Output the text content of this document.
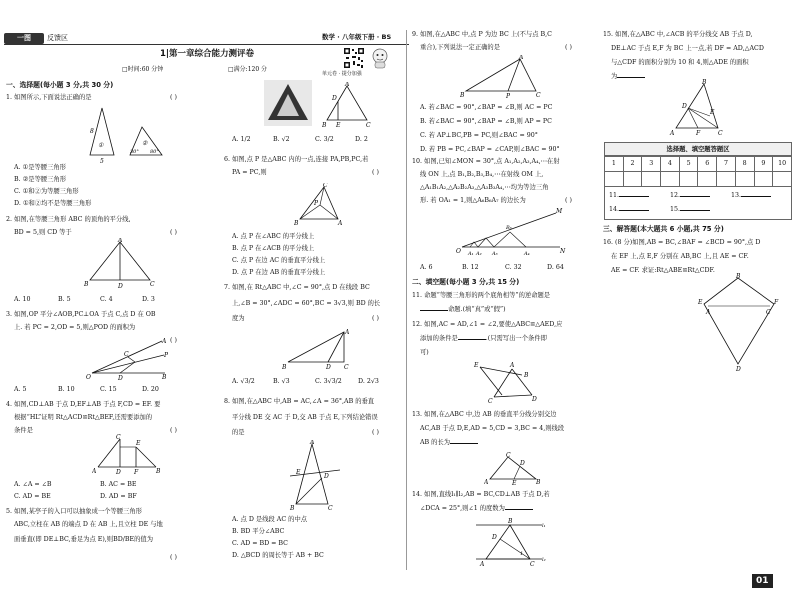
一图	反馈区	数学 · 八年级下册 · BS
1|第一章综合能力测评卷
□时间:60 分钟	□满分:120 分
单元卷 · 提分加强
一、选择题(每小题 3 分,共 30 分)
1. 如图所示,下面说法正确的是	( )
8
5
①	②
30° 80°
A. ①是等腰三角形
B. ②是等腰三角形
C. ①和②为等腰三角形
D. ①和②均不是等腰三角形
2. 如图,在等腰三角形 ABC 的顶角的平分线,
BD = 5,则 CD 等于	( )
A
B	D	C
A. 10	B. 5	C. 4	D. 3
3. 如图,OP 平分∠AOB,PC⊥OA 于点 C,点 D 在 OB
上. 若 PC = 2,OD = 5,则△POD 的面积为
( )
O
A
P
C
D	B
A. 5	B. 10	C. 15	D. 20
4. 如图,CD⊥AB 于点 D,EF⊥AB 于点 F,CD = EF. 要
根据“HL”证明 Rt△ACD≌Rt△BEF,还需要添加的
条件是	( )
A
C
D F
E
B
A. ∠A = ∠B	B. AC = BE
C. AD = BE	D. AD = BF
5. 如图,某亭子的入口可以抽象成一个等腰三角形
ABC,立柱在 AB 的端点 D 在 AB 上,且立柱 DE 与地
面垂直(即 DE⊥BC,垂足为点 E),则BD/BE的值为
( )
A
D
B E	C
A. 1/2	B. √2	C. 3/2	D. 2
6. 如图,点 P 是△ABC 内的一点,连接 PA,PB,PC,若
PA = PC,则	( )
C
P
B	A
A. 点 P 在∠ABC 的平分线上
B. 点 P 在∠ACB 的平分线上
C. 点 P 在边 AC 的垂直平分线上
D. 点 P 在边 AB 的垂直平分线上
7. 如图,在 Rt△ABC 中,∠C = 90°,点 D 在线段 BC
上,∠B = 30°,∠ADC = 60°,BC = 3√3,则 BD 的长
度为	( )
A
B	D C
A. √3/2	B. √3	C. 3√3/2	D. 2√3
8. 如图,在△ABC 中,AB = AC,∠A = 36°,AB 的垂直
平分线 DE 交 AC 于 D,交 AB 于点 E,下列结论错误
的是	( )
A
E
D
B	C
A. 点 D 是线段 AC 的中点
B. BD 平分∠ABC
C. AD = BD = BC
D. △BCD 的周长等于 AB + BC
9. 如图,在△ABC 中,点 P 为边 BC 上(不与点 B,C
重合),下列说法一定正确的是	( )
A
B	P	C
A. 若∠BAC = 90°,∠BAP = ∠B,则 AC = PC
B. 若∠BAC = 90°,∠BAP = ∠B,则 AP = PC
C. 若 AP⊥BC,PB = PC,则∠BAC = 90°
D. 若 PB = PC,∠BAP = ∠CAP,则∠BAC = 90°
10. 如图,已知∠MON = 30°,点 A₁,A₂,A₃,A₄,⋯在射
线 ON 上,点 B₁,B₂,B₃,B₄,⋯在射线 OM 上,
△A₁B₁A₂,△A₂B₂A₃,△A₃B₃A₄,⋯均为等边三角
形. 若 OA₁ = 1,则△A₆B₆A₇ 的边长为	( )
O
M
N
B₃
A₁ A₂ A₃	A₄
A. 6	B. 12	C. 32	D. 64
二、填空题(每小题 3 分,共 15 分)
11. 命题“等腰三角形的两个底角相等”的逆命题是
命题.(填“真”或“假”)
12. 如图,AC = AD,∠1 = ∠2,要使△ABC≌△AED,应
添加的条件是	.(只需写出一个条件即
可)
E	A
B
C	D
13. 如图,在△ABC 中,边 AB 的垂直平分线分别交边
AC,AB 于点 D,E,AD = 5,CD = 3,BC = 4,则线段
AB 的长为
A
C
D
E	B
14. 如图,直线l₁∥l₂,AB = BC,CD⊥AB 于点 D,若
∠DCA = 25°,则∠1 的度数为
B
l₁
l₂
D
A	C
1
15. 如图,在△ABC 中,∠ACB 的平分线交 AB 于点 D,
DE⊥AC 于点 E,F 为 BC 上一点,若 DF = AD,△ACD
与△CDF 的面积分别为 10 和 4,则△ADE 的面积
为
B
D
E
A	F	C
选择题、填空题答题区
1	2	3	4	5	6	7	8	9	10

11.	12.	13.
14.	15.
三、解答题(本大题共 6 小题,共 75 分)
16. (8 分)如图,AB = BC,∠BAF = ∠BCD = 90°,点 D
在 EF 上,点 E,F 分别在 AB,BC 上,且 AE = CF.
AE = CF. 求证:Rt△ABE≌Rt△CDF.
B
E	F
A	C
D
01
